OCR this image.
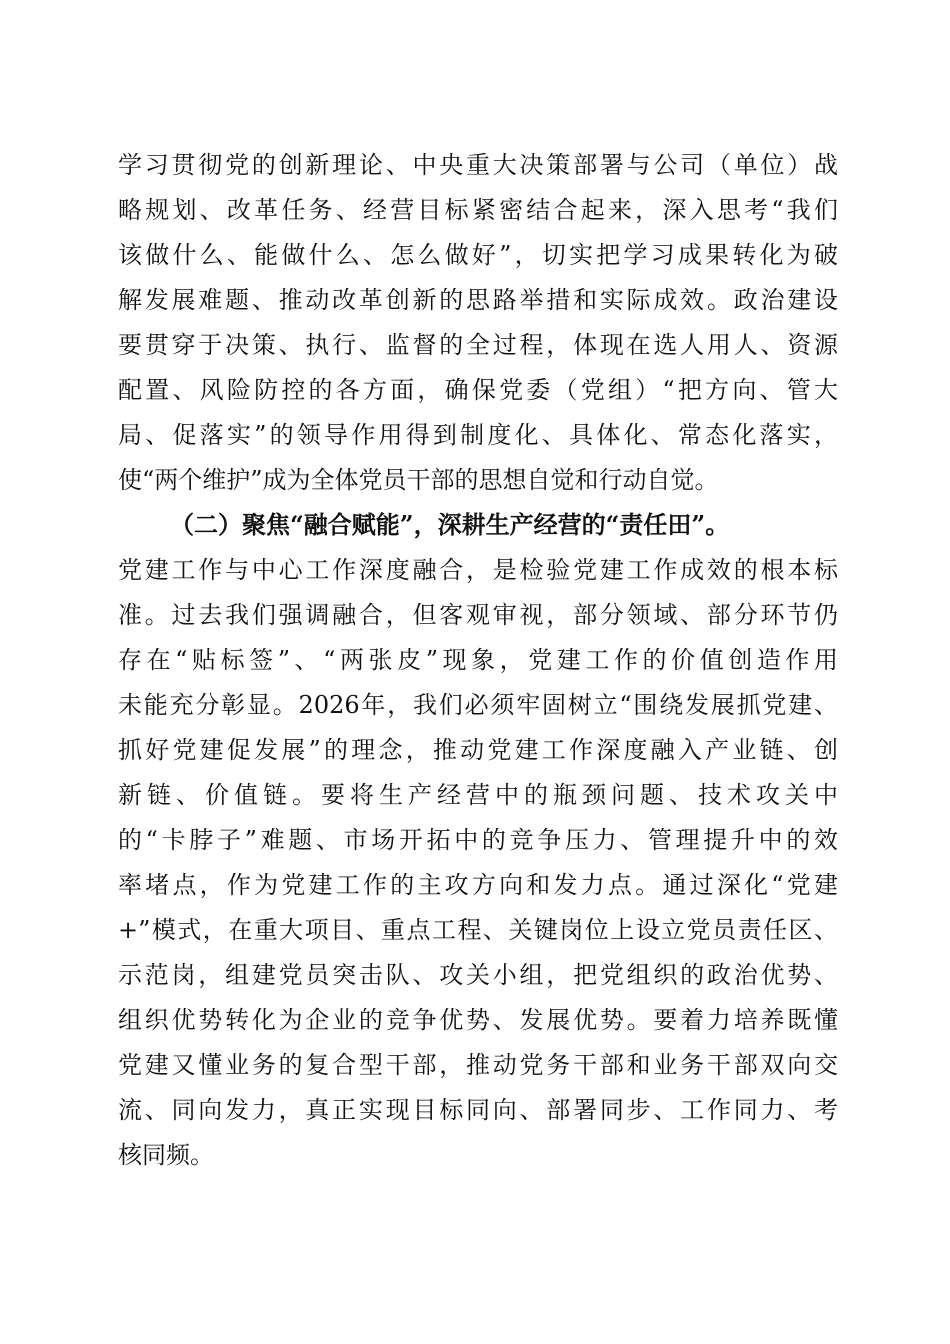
学习贯彻党的创新理论、中央重大决策部署与公司（单位）战
略规划、改革任务、经营目标紧密结合起来，深入思考“我们
该做什么、能做什么、怎么做好”，切实把学习成果转化为破
解发展难题、推动改革创新的思路举措和实际成效。政治建设
要贯穿于决策、执行、监督的全过程，体现在选人用人、资源
配置、风险防控的各方面，确保党委（党组）“把方向、管大
局、促落实”的领导作用得到制度化、具体化、常态化落实，
使“两个维护”成为全体党员干部的思想自觉和行动自觉。
（二）聚焦“融合赋能”，深耕生产经营的“责任田”。
党建工作与中心工作深度融合，是检验党建工作成效的根本标
准。过去我们强调融合，但客观审视，部分领域、部分环节仍
存在“贴标签”、“两张皮”现象，党建工作的价值创造作用
未能充分彰显。2026年，我们必须牢固树立“围绕发展抓党建、
抓好党建促发展”的理念，推动党建工作深度融入产业链、创
新链、价值链。要将生产经营中的瓶颈问题、技术攻关中
的“卡脖子”难题、市场开拓中的竞争压力、管理提升中的效
率堵点，作为党建工作的主攻方向和发力点。通过深化“党建
+”模式，在重大项目、重点工程、关键岗位上设立党员责任区、
示范岗，组建党员突击队、攻关小组，把党组织的政治优势、
组织优势转化为企业的竞争优势、发展优势。要着力培养既懂
党建又懂业务的复合型干部，推动党务干部和业务干部双向交
流、同向发力，真正实现目标同向、部署同步、工作同力、考
核同频。
